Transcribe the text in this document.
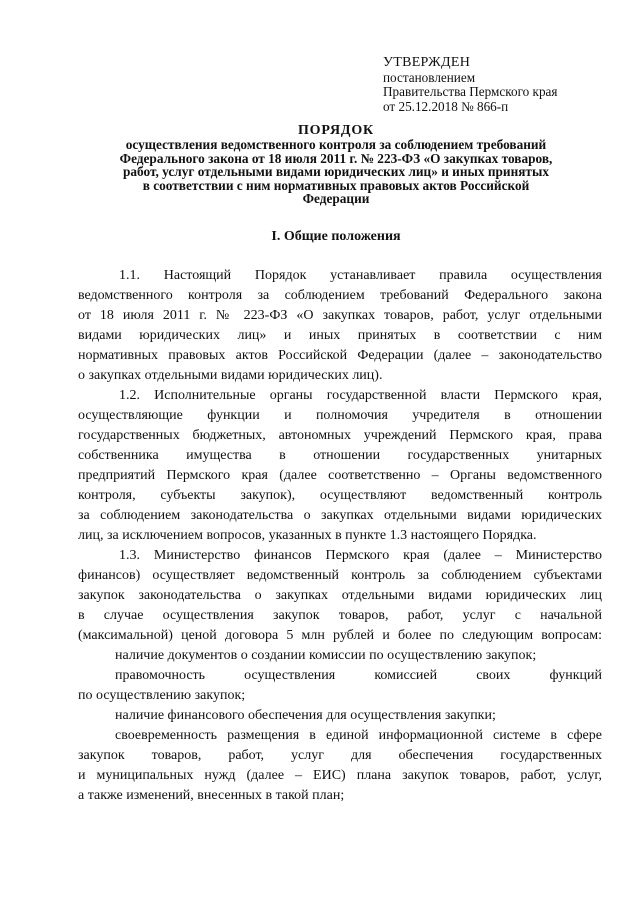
УТВЕРЖДЕН
постановлением
Правительства Пермского края
от 25.12.2018 № 866-п
ПОРЯДОК
осуществления ведомственного контроля за соблюдением требований
Федерального закона от 18 июля 2011 г. № 223-ФЗ «О закупках товаров,
работ, услуг отдельными видами юридических лиц» и иных принятых
в соответствии с ним нормативных правовых актов Российской
Федерации
I. Общие положения
1.1. Настоящий Порядок устанавливает правила осуществления
ведомственного контроля за соблюдением требований Федерального закона
от 18 июля 2011 г. № 223-ФЗ «О закупках товаров, работ, услуг отдельными
видами юридических лиц» и иных принятых в соответствии с ним
нормативных правовых актов Российской Федерации (далее – законодательство
о закупках отдельными видами юридических лиц).
1.2. Исполнительные органы государственной власти Пермского края,
осуществляющие функции и полномочия учредителя в отношении
государственных бюджетных, автономных учреждений Пермского края, права
собственника имущества в отношении государственных унитарных
предприятий Пермского края (далее соответственно – Органы ведомственного
контроля, субъекты закупок), осуществляют ведомственный контроль
за соблюдением законодательства о закупках отдельными видами юридических
лиц, за исключением вопросов, указанных в пункте 1.3 настоящего Порядка.
1.3. Министерство финансов Пермского края (далее – Министерство
финансов) осуществляет ведомственный контроль за соблюдением субъектами
закупок законодательства о закупках отдельными видами юридических лиц
в случае осуществления закупок товаров, работ, услуг с начальной
(максимальной) ценой договора 5 млн рублей и более по следующим вопросам:
наличие документов о создании комиссии по осуществлению закупок;
правомочность осуществления комиссией своих функций
по осуществлению закупок;
наличие финансового обеспечения для осуществления закупки;
своевременность размещения в единой информационной системе в сфере
закупок товаров, работ, услуг для обеспечения государственных
и муниципальных нужд (далее – ЕИС) плана закупок товаров, работ, услуг,
а также изменений, внесенных в такой план;
